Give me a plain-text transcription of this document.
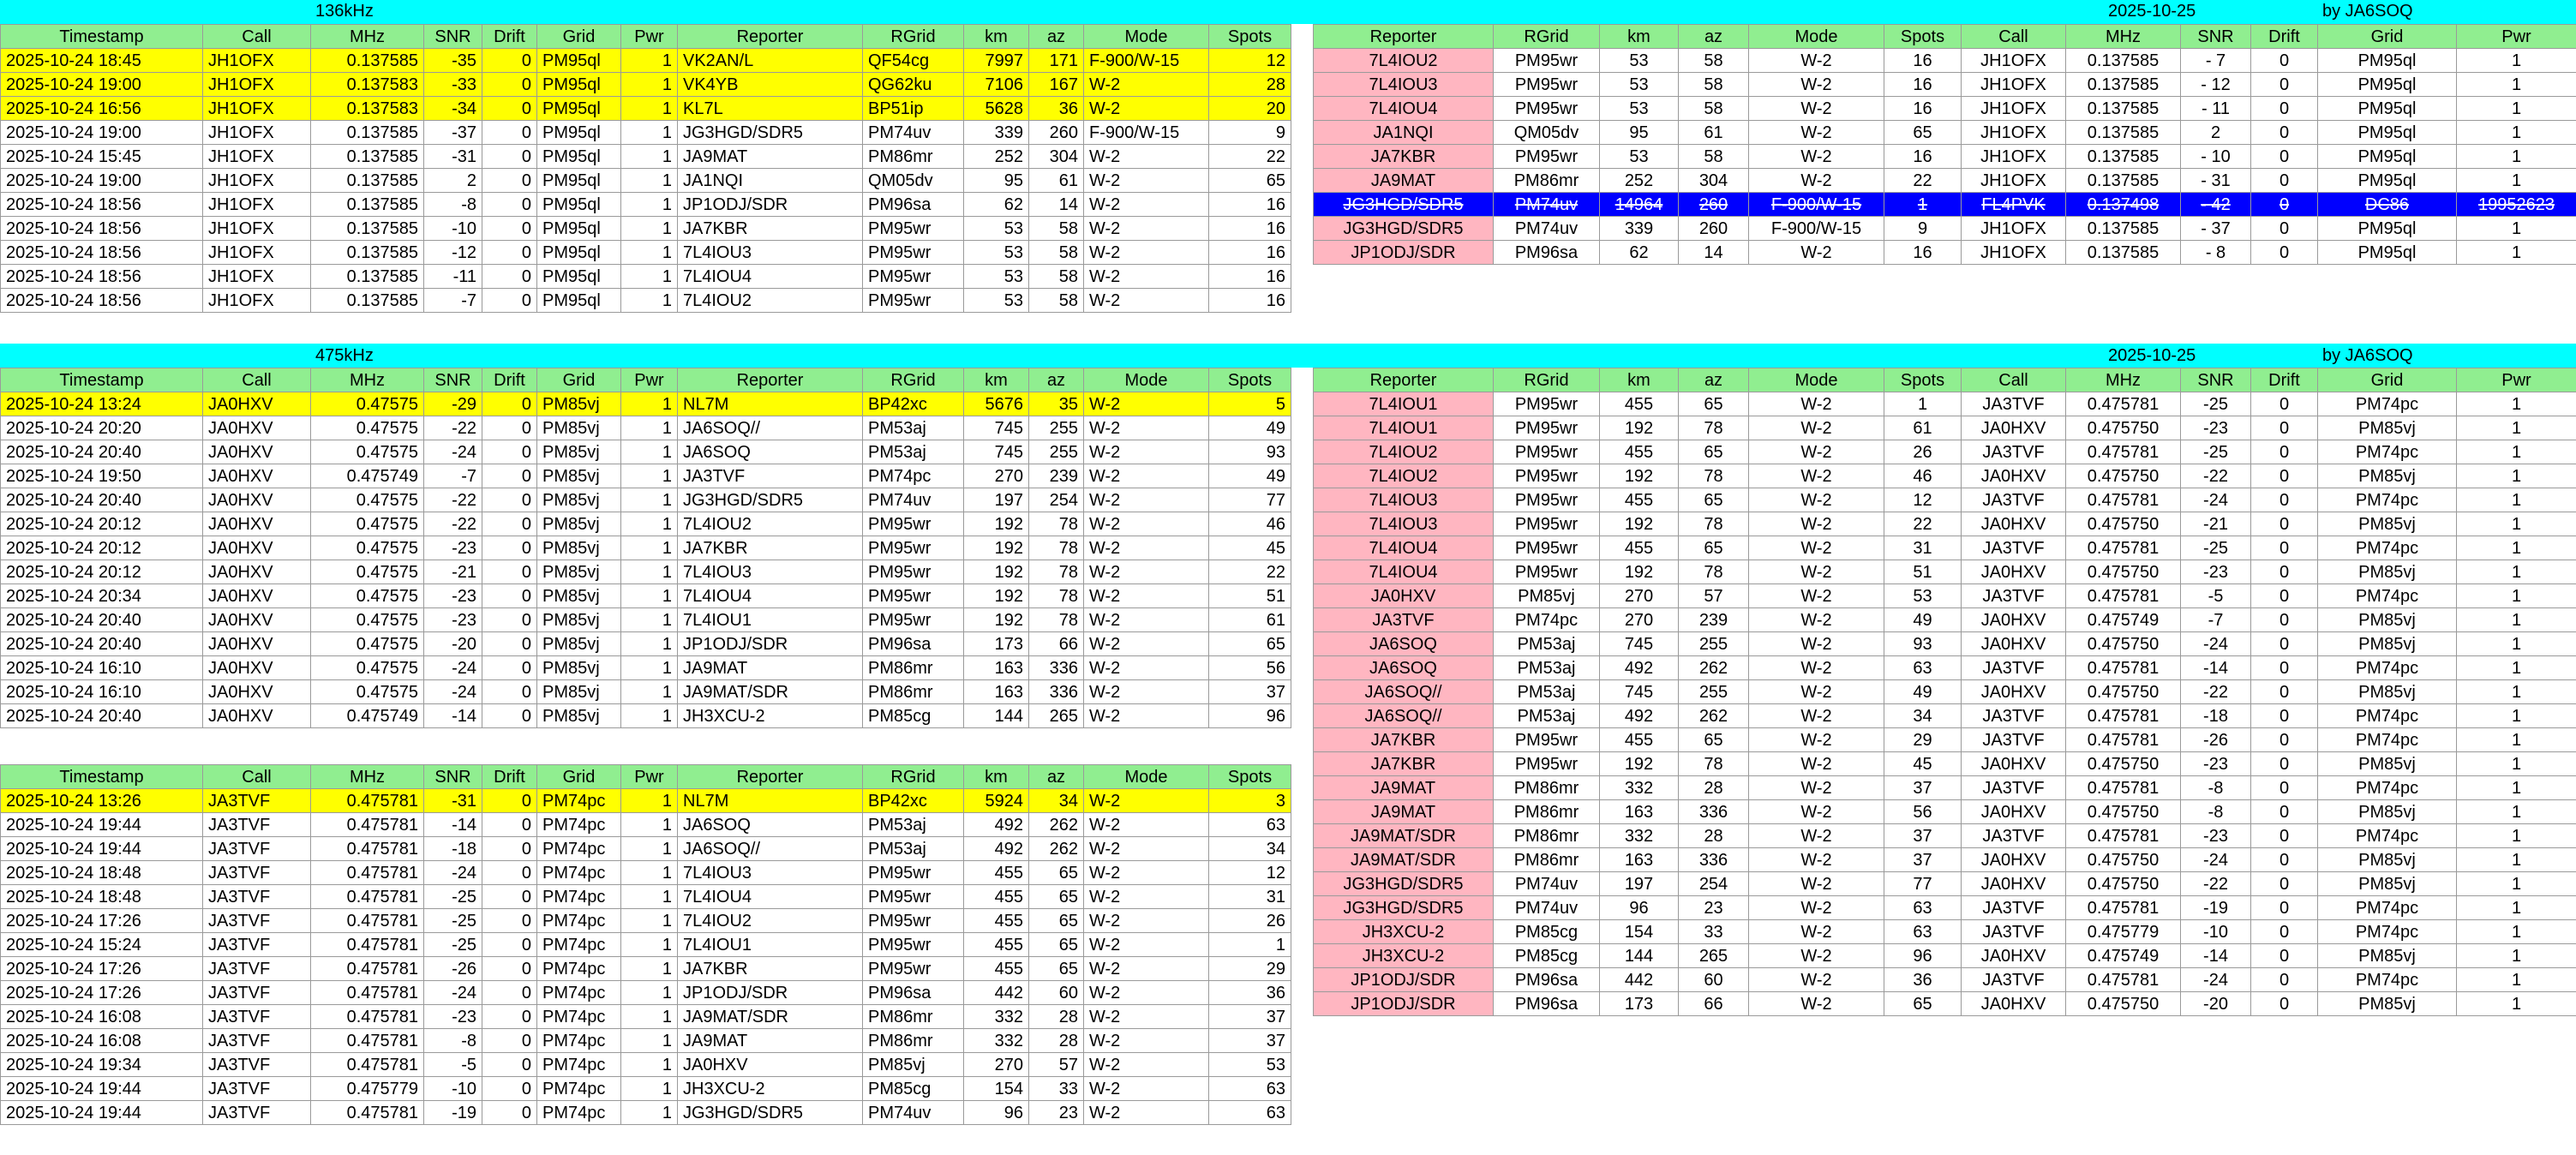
136kHz	2025-10-25	by JA6SOQ
Timestamp	Call	MHz	SNR	Drift	Grid	Pwr	Reporter	RGrid	km	az	Mode	Spots
2025-10-24 18:45	JH1OFX	0.137585	-35	0	PM95ql	1	VK2AN/L	QF54cg	7997	171	F-900/W-15	12
2025-10-24 19:00	JH1OFX	0.137583	-33	0	PM95ql	1	VK4YB	QG62ku	7106	167	W-2	28
2025-10-24 16:56	JH1OFX	0.137583	-34	0	PM95ql	1	KL7L	BP51ip	5628	36	W-2	20
2025-10-24 19:00	JH1OFX	0.137585	-37	0	PM95ql	1	JG3HGD/SDR5	PM74uv	339	260	F-900/W-15	9
2025-10-24 15:45	JH1OFX	0.137585	-31	0	PM95ql	1	JA9MAT	PM86mr	252	304	W-2	22
2025-10-24 19:00	JH1OFX	0.137585	2	0	PM95ql	1	JA1NQI	QM05dv	95	61	W-2	65
2025-10-24 18:56	JH1OFX	0.137585	-8	0	PM95ql	1	JP1ODJ/SDR	PM96sa	62	14	W-2	16
2025-10-24 18:56	JH1OFX	0.137585	-10	0	PM95ql	1	JA7KBR	PM95wr	53	58	W-2	16
2025-10-24 18:56	JH1OFX	0.137585	-12	0	PM95ql	1	7L4IOU3	PM95wr	53	58	W-2	16
2025-10-24 18:56	JH1OFX	0.137585	-11	0	PM95ql	1	7L4IOU4	PM95wr	53	58	W-2	16
2025-10-24 18:56	JH1OFX	0.137585	-7	0	PM95ql	1	7L4IOU2	PM95wr	53	58	W-2	16
Reporter	RGrid	km	az	Mode	Spots	Call	MHz	SNR	Drift	Grid	Pwr
7L4IOU2	PM95wr	53	58	W-2	16	JH1OFX	0.137585	- 7	0	PM95ql	1
7L4IOU3	PM95wr	53	58	W-2	16	JH1OFX	0.137585	- 12	0	PM95ql	1
7L4IOU4	PM95wr	53	58	W-2	16	JH1OFX	0.137585	- 11	0	PM95ql	1
JA1NQI	QM05dv	95	61	W-2	65	JH1OFX	0.137585	2	0	PM95ql	1
JA7KBR	PM95wr	53	58	W-2	16	JH1OFX	0.137585	- 10	0	PM95ql	1
JA9MAT	PM86mr	252	304	W-2	22	JH1OFX	0.137585	- 31	0	PM95ql	1
JG3HGD/SDR5	PM74uv	14964	260	F-900/W-15	1	FL4PVK	0.137498	- 42	0	DC86	19952623
JG3HGD/SDR5	PM74uv	339	260	F-900/W-15	9	JH1OFX	0.137585	- 37	0	PM95ql	1
JP1ODJ/SDR	PM96sa	62	14	W-2	16	JH1OFX	0.137585	- 8	0	PM95ql	1
475kHz	2025-10-25	by JA6SOQ
Timestamp	Call	MHz	SNR	Drift	Grid	Pwr	Reporter	RGrid	km	az	Mode	Spots
2025-10-24 13:24	JA0HXV	0.47575	-29	0	PM85vj	1	NL7M	BP42xc	5676	35	W-2	5
2025-10-24 20:20	JA0HXV	0.47575	-22	0	PM85vj	1	JA6SOQ//	PM53aj	745	255	W-2	49
2025-10-24 20:40	JA0HXV	0.47575	-24	0	PM85vj	1	JA6SOQ	PM53aj	745	255	W-2	93
2025-10-24 19:50	JA0HXV	0.475749	-7	0	PM85vj	1	JA3TVF	PM74pc	270	239	W-2	49
2025-10-24 20:40	JA0HXV	0.47575	-22	0	PM85vj	1	JG3HGD/SDR5	PM74uv	197	254	W-2	77
2025-10-24 20:12	JA0HXV	0.47575	-22	0	PM85vj	1	7L4IOU2	PM95wr	192	78	W-2	46
2025-10-24 20:12	JA0HXV	0.47575	-23	0	PM85vj	1	JA7KBR	PM95wr	192	78	W-2	45
2025-10-24 20:12	JA0HXV	0.47575	-21	0	PM85vj	1	7L4IOU3	PM95wr	192	78	W-2	22
2025-10-24 20:34	JA0HXV	0.47575	-23	0	PM85vj	1	7L4IOU4	PM95wr	192	78	W-2	51
2025-10-24 20:40	JA0HXV	0.47575	-23	0	PM85vj	1	7L4IOU1	PM95wr	192	78	W-2	61
2025-10-24 20:40	JA0HXV	0.47575	-20	0	PM85vj	1	JP1ODJ/SDR	PM96sa	173	66	W-2	65
2025-10-24 16:10	JA0HXV	0.47575	-24	0	PM85vj	1	JA9MAT	PM86mr	163	336	W-2	56
2025-10-24 16:10	JA0HXV	0.47575	-24	0	PM85vj	1	JA9MAT/SDR	PM86mr	163	336	W-2	37
2025-10-24 20:40	JA0HXV	0.475749	-14	0	PM85vj	1	JH3XCU-2	PM85cg	144	265	W-2	96
Timestamp	Call	MHz	SNR	Drift	Grid	Pwr	Reporter	RGrid	km	az	Mode	Spots
2025-10-24 13:26	JA3TVF	0.475781	-31	0	PM74pc	1	NL7M	BP42xc	5924	34	W-2	3
2025-10-24 19:44	JA3TVF	0.475781	-14	0	PM74pc	1	JA6SOQ	PM53aj	492	262	W-2	63
2025-10-24 19:44	JA3TVF	0.475781	-18	0	PM74pc	1	JA6SOQ//	PM53aj	492	262	W-2	34
2025-10-24 18:48	JA3TVF	0.475781	-24	0	PM74pc	1	7L4IOU3	PM95wr	455	65	W-2	12
2025-10-24 18:48	JA3TVF	0.475781	-25	0	PM74pc	1	7L4IOU4	PM95wr	455	65	W-2	31
2025-10-24 17:26	JA3TVF	0.475781	-25	0	PM74pc	1	7L4IOU2	PM95wr	455	65	W-2	26
2025-10-24 15:24	JA3TVF	0.475781	-25	0	PM74pc	1	7L4IOU1	PM95wr	455	65	W-2	1
2025-10-24 17:26	JA3TVF	0.475781	-26	0	PM74pc	1	JA7KBR	PM95wr	455	65	W-2	29
2025-10-24 17:26	JA3TVF	0.475781	-24	0	PM74pc	1	JP1ODJ/SDR	PM96sa	442	60	W-2	36
2025-10-24 16:08	JA3TVF	0.475781	-23	0	PM74pc	1	JA9MAT/SDR	PM86mr	332	28	W-2	37
2025-10-24 16:08	JA3TVF	0.475781	-8	0	PM74pc	1	JA9MAT	PM86mr	332	28	W-2	37
2025-10-24 19:34	JA3TVF	0.475781	-5	0	PM74pc	1	JA0HXV	PM85vj	270	57	W-2	53
2025-10-24 19:44	JA3TVF	0.475779	-10	0	PM74pc	1	JH3XCU-2	PM85cg	154	33	W-2	63
2025-10-24 19:44	JA3TVF	0.475781	-19	0	PM74pc	1	JG3HGD/SDR5	PM74uv	96	23	W-2	63
Reporter	RGrid	km	az	Mode	Spots	Call	MHz	SNR	Drift	Grid	Pwr
7L4IOU1	PM95wr	455	65	W-2	1	JA3TVF	0.475781	-25	0	PM74pc	1
7L4IOU1	PM95wr	192	78	W-2	61	JA0HXV	0.475750	-23	0	PM85vj	1
7L4IOU2	PM95wr	455	65	W-2	26	JA3TVF	0.475781	-25	0	PM74pc	1
7L4IOU2	PM95wr	192	78	W-2	46	JA0HXV	0.475750	-22	0	PM85vj	1
7L4IOU3	PM95wr	455	65	W-2	12	JA3TVF	0.475781	-24	0	PM74pc	1
7L4IOU3	PM95wr	192	78	W-2	22	JA0HXV	0.475750	-21	0	PM85vj	1
7L4IOU4	PM95wr	455	65	W-2	31	JA3TVF	0.475781	-25	0	PM74pc	1
7L4IOU4	PM95wr	192	78	W-2	51	JA0HXV	0.475750	-23	0	PM85vj	1
JA0HXV	PM85vj	270	57	W-2	53	JA3TVF	0.475781	-5	0	PM74pc	1
JA3TVF	PM74pc	270	239	W-2	49	JA0HXV	0.475749	-7	0	PM85vj	1
JA6SOQ	PM53aj	745	255	W-2	93	JA0HXV	0.475750	-24	0	PM85vj	1
JA6SOQ	PM53aj	492	262	W-2	63	JA3TVF	0.475781	-14	0	PM74pc	1
JA6SOQ//	PM53aj	745	255	W-2	49	JA0HXV	0.475750	-22	0	PM85vj	1
JA6SOQ//	PM53aj	492	262	W-2	34	JA3TVF	0.475781	-18	0	PM74pc	1
JA7KBR	PM95wr	455	65	W-2	29	JA3TVF	0.475781	-26	0	PM74pc	1
JA7KBR	PM95wr	192	78	W-2	45	JA0HXV	0.475750	-23	0	PM85vj	1
JA9MAT	PM86mr	332	28	W-2	37	JA3TVF	0.475781	-8	0	PM74pc	1
JA9MAT	PM86mr	163	336	W-2	56	JA0HXV	0.475750	-8	0	PM85vj	1
JA9MAT/SDR	PM86mr	332	28	W-2	37	JA3TVF	0.475781	-23	0	PM74pc	1
JA9MAT/SDR	PM86mr	163	336	W-2	37	JA0HXV	0.475750	-24	0	PM85vj	1
JG3HGD/SDR5	PM74uv	197	254	W-2	77	JA0HXV	0.475750	-22	0	PM85vj	1
JG3HGD/SDR5	PM74uv	96	23	W-2	63	JA3TVF	0.475781	-19	0	PM74pc	1
JH3XCU-2	PM85cg	154	33	W-2	63	JA3TVF	0.475779	-10	0	PM74pc	1
JH3XCU-2	PM85cg	144	265	W-2	96	JA0HXV	0.475749	-14	0	PM85vj	1
JP1ODJ/SDR	PM96sa	442	60	W-2	36	JA3TVF	0.475781	-24	0	PM74pc	1
JP1ODJ/SDR	PM96sa	173	66	W-2	65	JA0HXV	0.475750	-20	0	PM85vj	1
